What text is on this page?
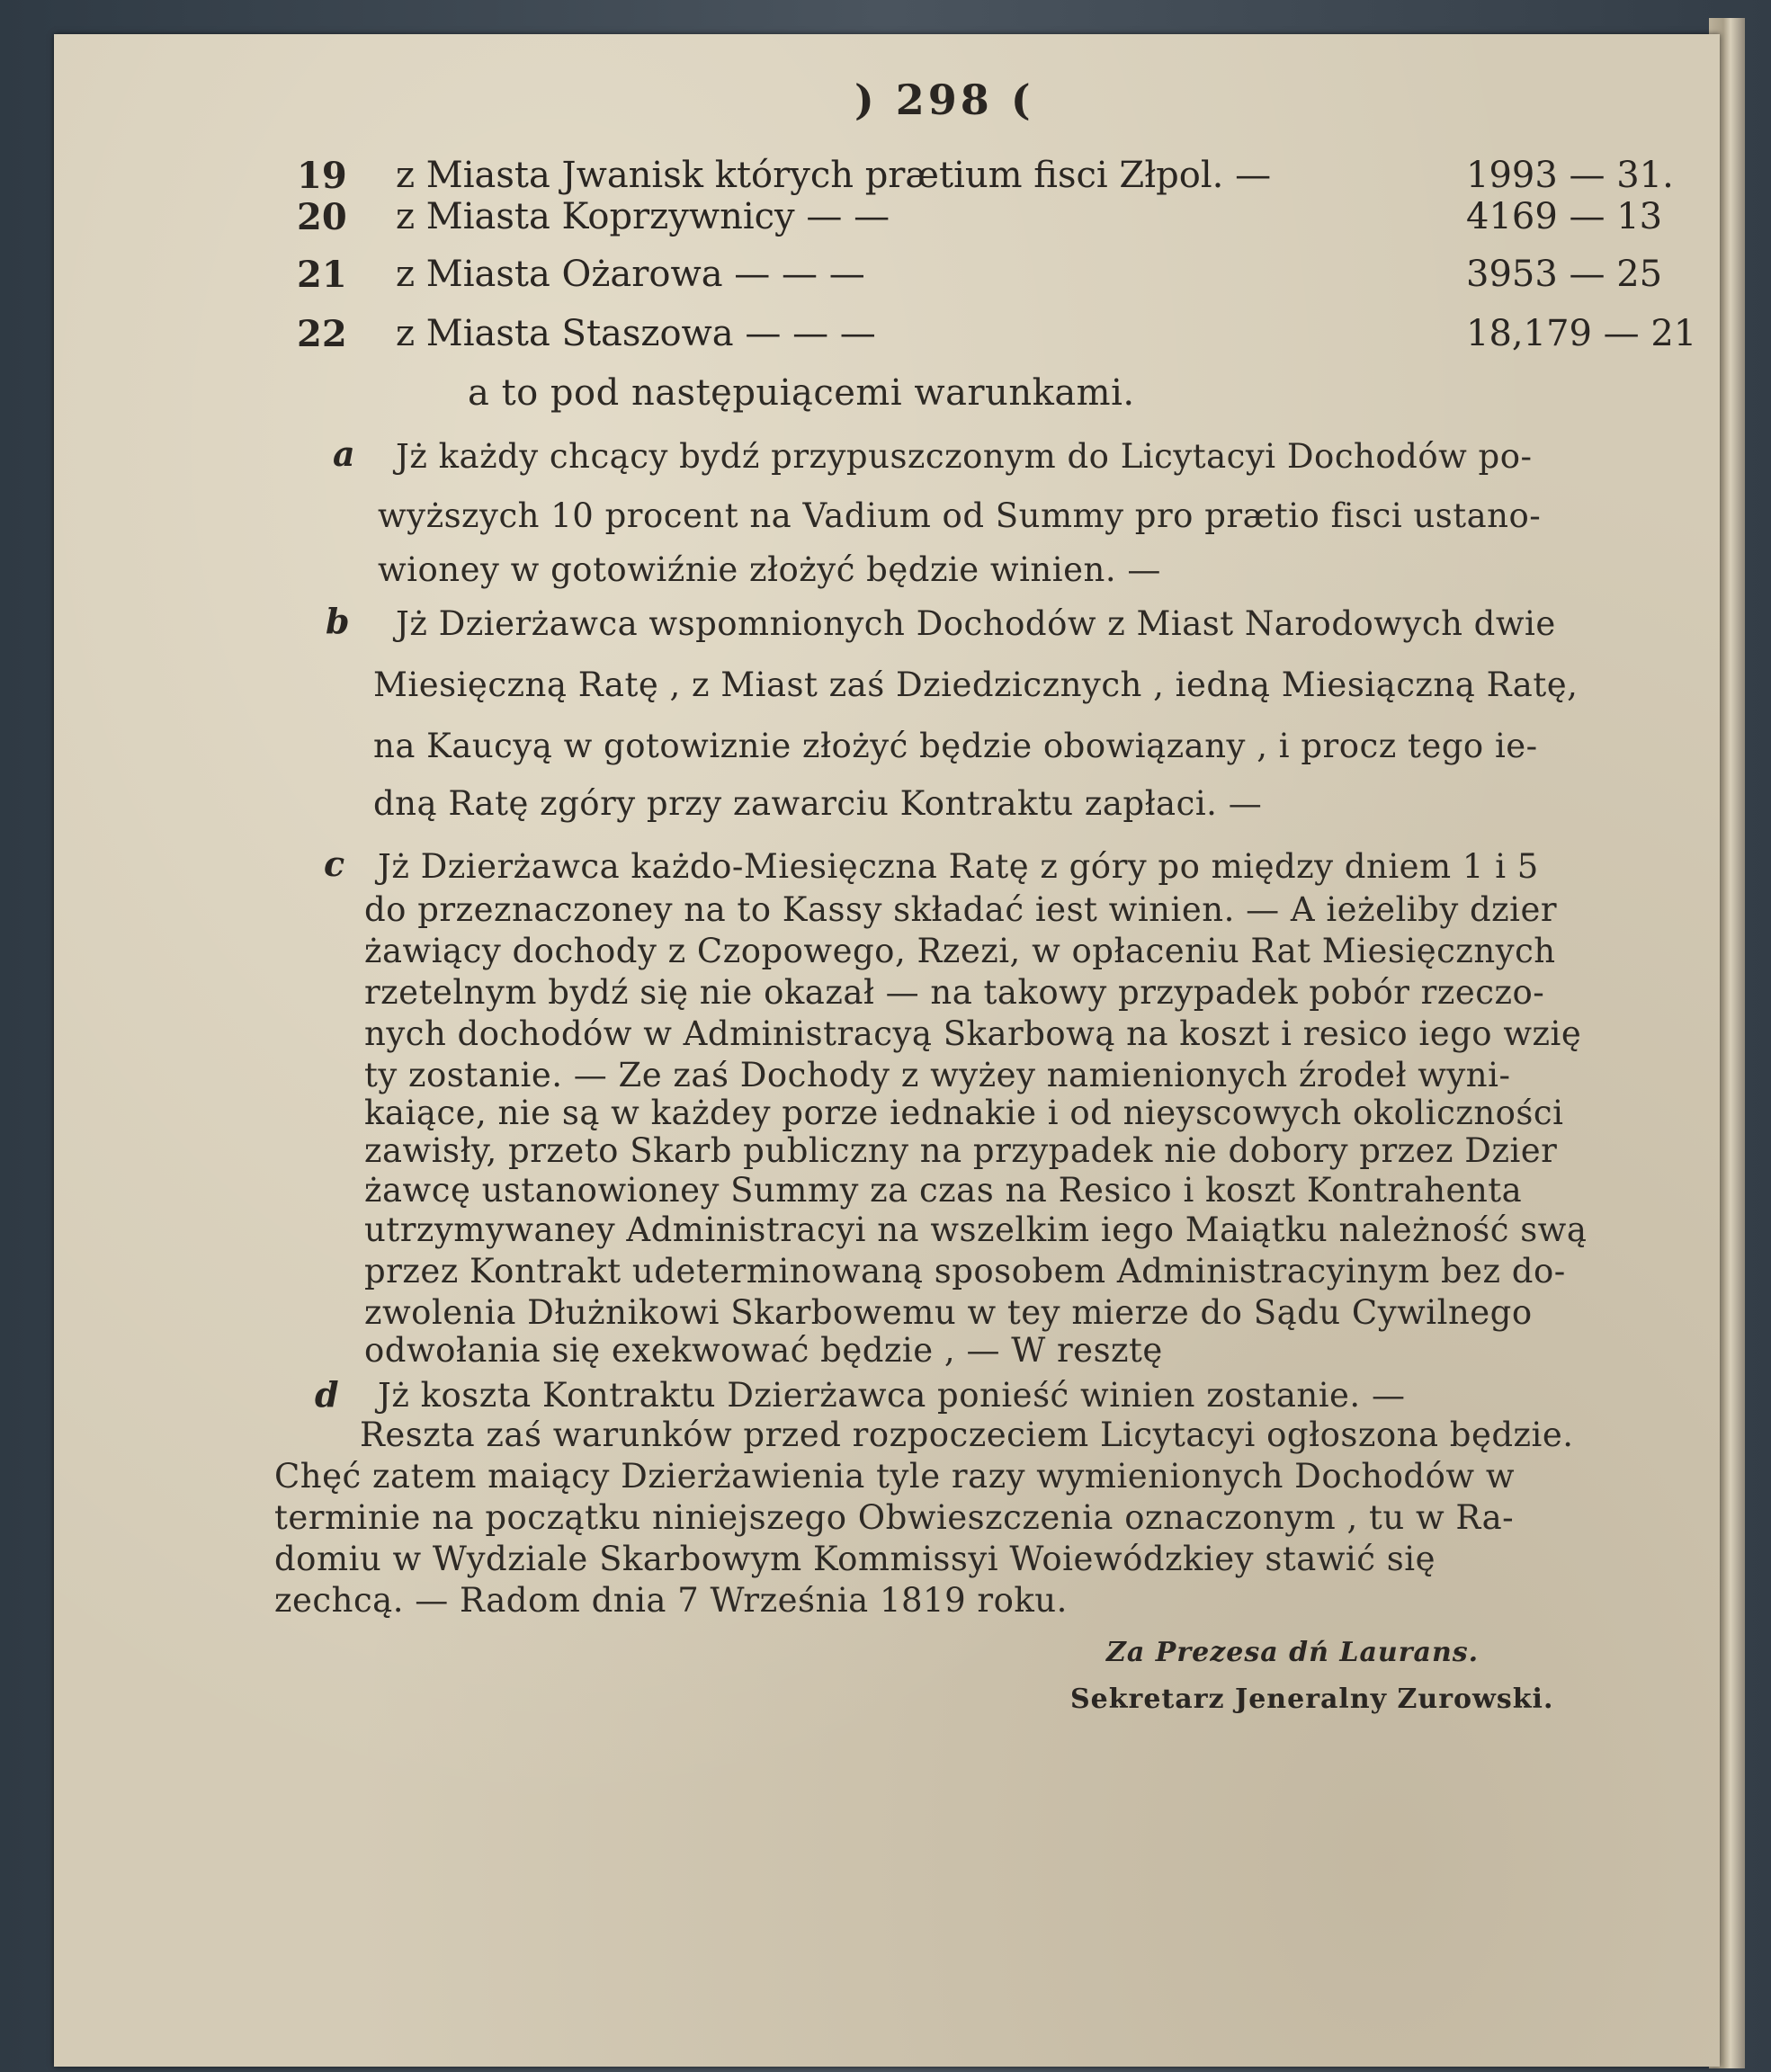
) 298 (
19 z Miasta Jwanisk których prætium fisci Złpol. —	1993 — 31.
20 z Miasta Koprzywnicy — —	4169 — 13
21 z Miasta Ożarowa — — —	3953 — 25
22 z Miasta Staszowa — — —	18,179 — 21
a to pod następuiącemi warunkami.
a
b
c
d
Jż każdy chcący bydź przypuszczonym do Licytacyi Dochodów po-
wyższych 10 procent na Vadium od Summy pro prætio fisci ustano-
wioney w gotowiźnie złożyć będzie winien. —
Jż Dzierżawca wspomnionych Dochodów z Miast Narodowych dwie
Miesięczną Ratę , z Miast zaś Dziedzicznych , iedną Miesiączną Ratę,
na Kaucyą w gotowiznie złożyć będzie obowiązany , i procz tego ie-
dną Ratę zgóry przy zawarciu Kontraktu zapłaci. —
Jż Dzierżawca każdo-Miesięczna Ratę z góry po między dniem 1 i 5
do przeznaczoney na to Kassy składać iest winien. — A ieżeliby dzier
żawiący dochody z Czopowego, Rzezi, w opłaceniu Rat Miesięcznych
rzetelnym bydź się nie okazał — na takowy przypadek pobór rzeczo-
nych dochodów w Administracyą Skarbową na koszt i resico iego wzię
ty zostanie. — Ze zaś Dochody z wyżey namienionych źrodeł wyni-
kaiące, nie są w każdey porze iednakie i od nieyscowych okoliczności
zawisły, przeto Skarb publiczny na przypadek nie dobory przez Dzier
żawcę ustanowioney Summy za czas na Resico i koszt Kontrahenta
utrzymywaney Administracyi na wszelkim iego Maiątku należność swą
przez Kontrakt udeterminowaną sposobem Administracyinym bez do-
zwolenia Dłużnikowi Skarbowemu w tey mierze do Sądu Cywilnego
odwołania się exekwować będzie , — W resztę
Jż koszta Kontraktu Dzierżawca ponieść winien zostanie. —
Reszta zaś warunków przed rozpoczeciem Licytacyi ogłoszona będzie.
Chęć zatem maiący Dzierżawienia tyle razy wymienionych Dochodów w
terminie na początku niniejszego Obwieszczenia oznaczonym , tu w Ra-
domiu w Wydziale Skarbowym Kommissyi Woiewódzkiey stawić się
zechcą. — Radom dnia 7 Września 1819 roku.
Za Prezesa dń Laurans.
Sekretarz Jeneralny Zurowski.
